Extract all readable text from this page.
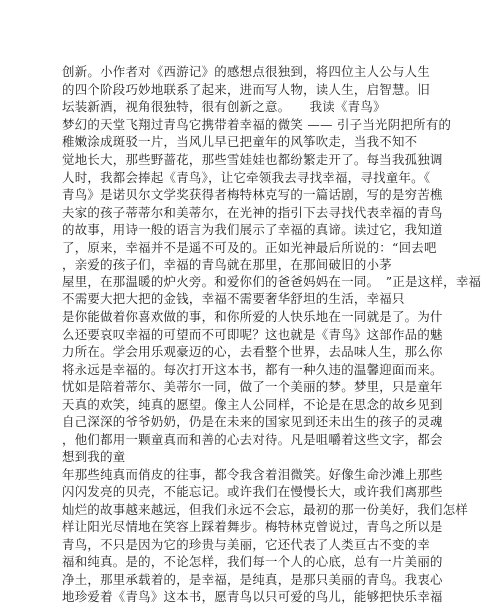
创新。小作者对《西游记》的感想点很独到，将四位主人公与人生
的四个阶段巧妙地联系了起来，进而写人物，读人生，启智慧。旧
坛装新酒，视角很独特，很有创新之意。　　我读《青鸟》
梦幻的天堂飞翔过青鸟它携带着幸福的微笑 —— 引子当光阴把所有的
稚嫩涂成斑驳一片，当风儿早已把童年的风筝吹走，当我不知不
觉地长大，那些野蔷花，那些雪娃娃也都纷繁走开了。每当我孤独调
人时，我都会捧起《青鸟》，让它牵领我去寻找幸福，寻找童年。《
青鸟》是诺贝尔文学奖获得者梅特林克写的一篇话剧，写的是穷苦樵
夫家的孩子蒂蒂尔和美蒂尔，在光神的指引下去寻找代表幸福的青鸟
的故事，用诗一般的语言为我们展示了幸福的真谛。读过它，我知道
了，原来，幸福并不是遥不可及的。正如光神最后所说的：“回去吧
，亲爱的孩子们，幸福的青鸟就在那里，在那间破旧的小茅
屋里，在那温暖的炉火旁。和爱你们的爸爸妈妈在一同。　”正是这样，幸福
不需要大把大把的金钱，幸福不需要奢华舒坦的生活，幸福只
是你能做着你喜欢做的事，和你所爱的人快乐地在一同就是了。为什
么还要哀叹幸福的可望而不可即呢？这也就是《青鸟》这部作品的魅
力所在。学会用乐观豪迈的心，去看整个世界，去品味人生，那么你
将永远是幸福的。每次打开这本书，都有一种久违的温馨迎面而来。
忧如是陪着蒂尔、美蒂尔一同，做了一个美丽的梦。梦里，只是童年
天真的欢笑，纯真的愿望。像主人公同样，不论是在思念的故乡见到
自己深深的爷爷奶奶，仍是在未来的国家见到还未出生的孩子的灵魂
，他们都用一颗童真而和善的心去对待。凡是咀嚼着这些文字，都会
想到我的童
年那些纯真而俏皮的往事，都令我含着泪微笑。好像生命沙滩上那些
闪闪发亮的贝壳，不能忘记。或许我们在慢慢长大，或许我们离那些
灿烂的故事越来越远，但我们永远不会忘，最初的那一份美好，我们怎样
样让阳光尽情地在笑容上踩着舞步。梅特林克曾说过，青鸟之所以是
青鸟，不只是因为它的珍贵与美丽，它还代表了人类亘古不变的幸
福和纯真。是的，不论怎样，我们每一个人的心底，总有一片美丽的
净土，那里承载着的，是幸福，是纯真，是那只美丽的青鸟。我衷心
地珍爱着《青鸟》这本书，愿青鸟以只可爱的鸟儿，能够把快乐幸福
